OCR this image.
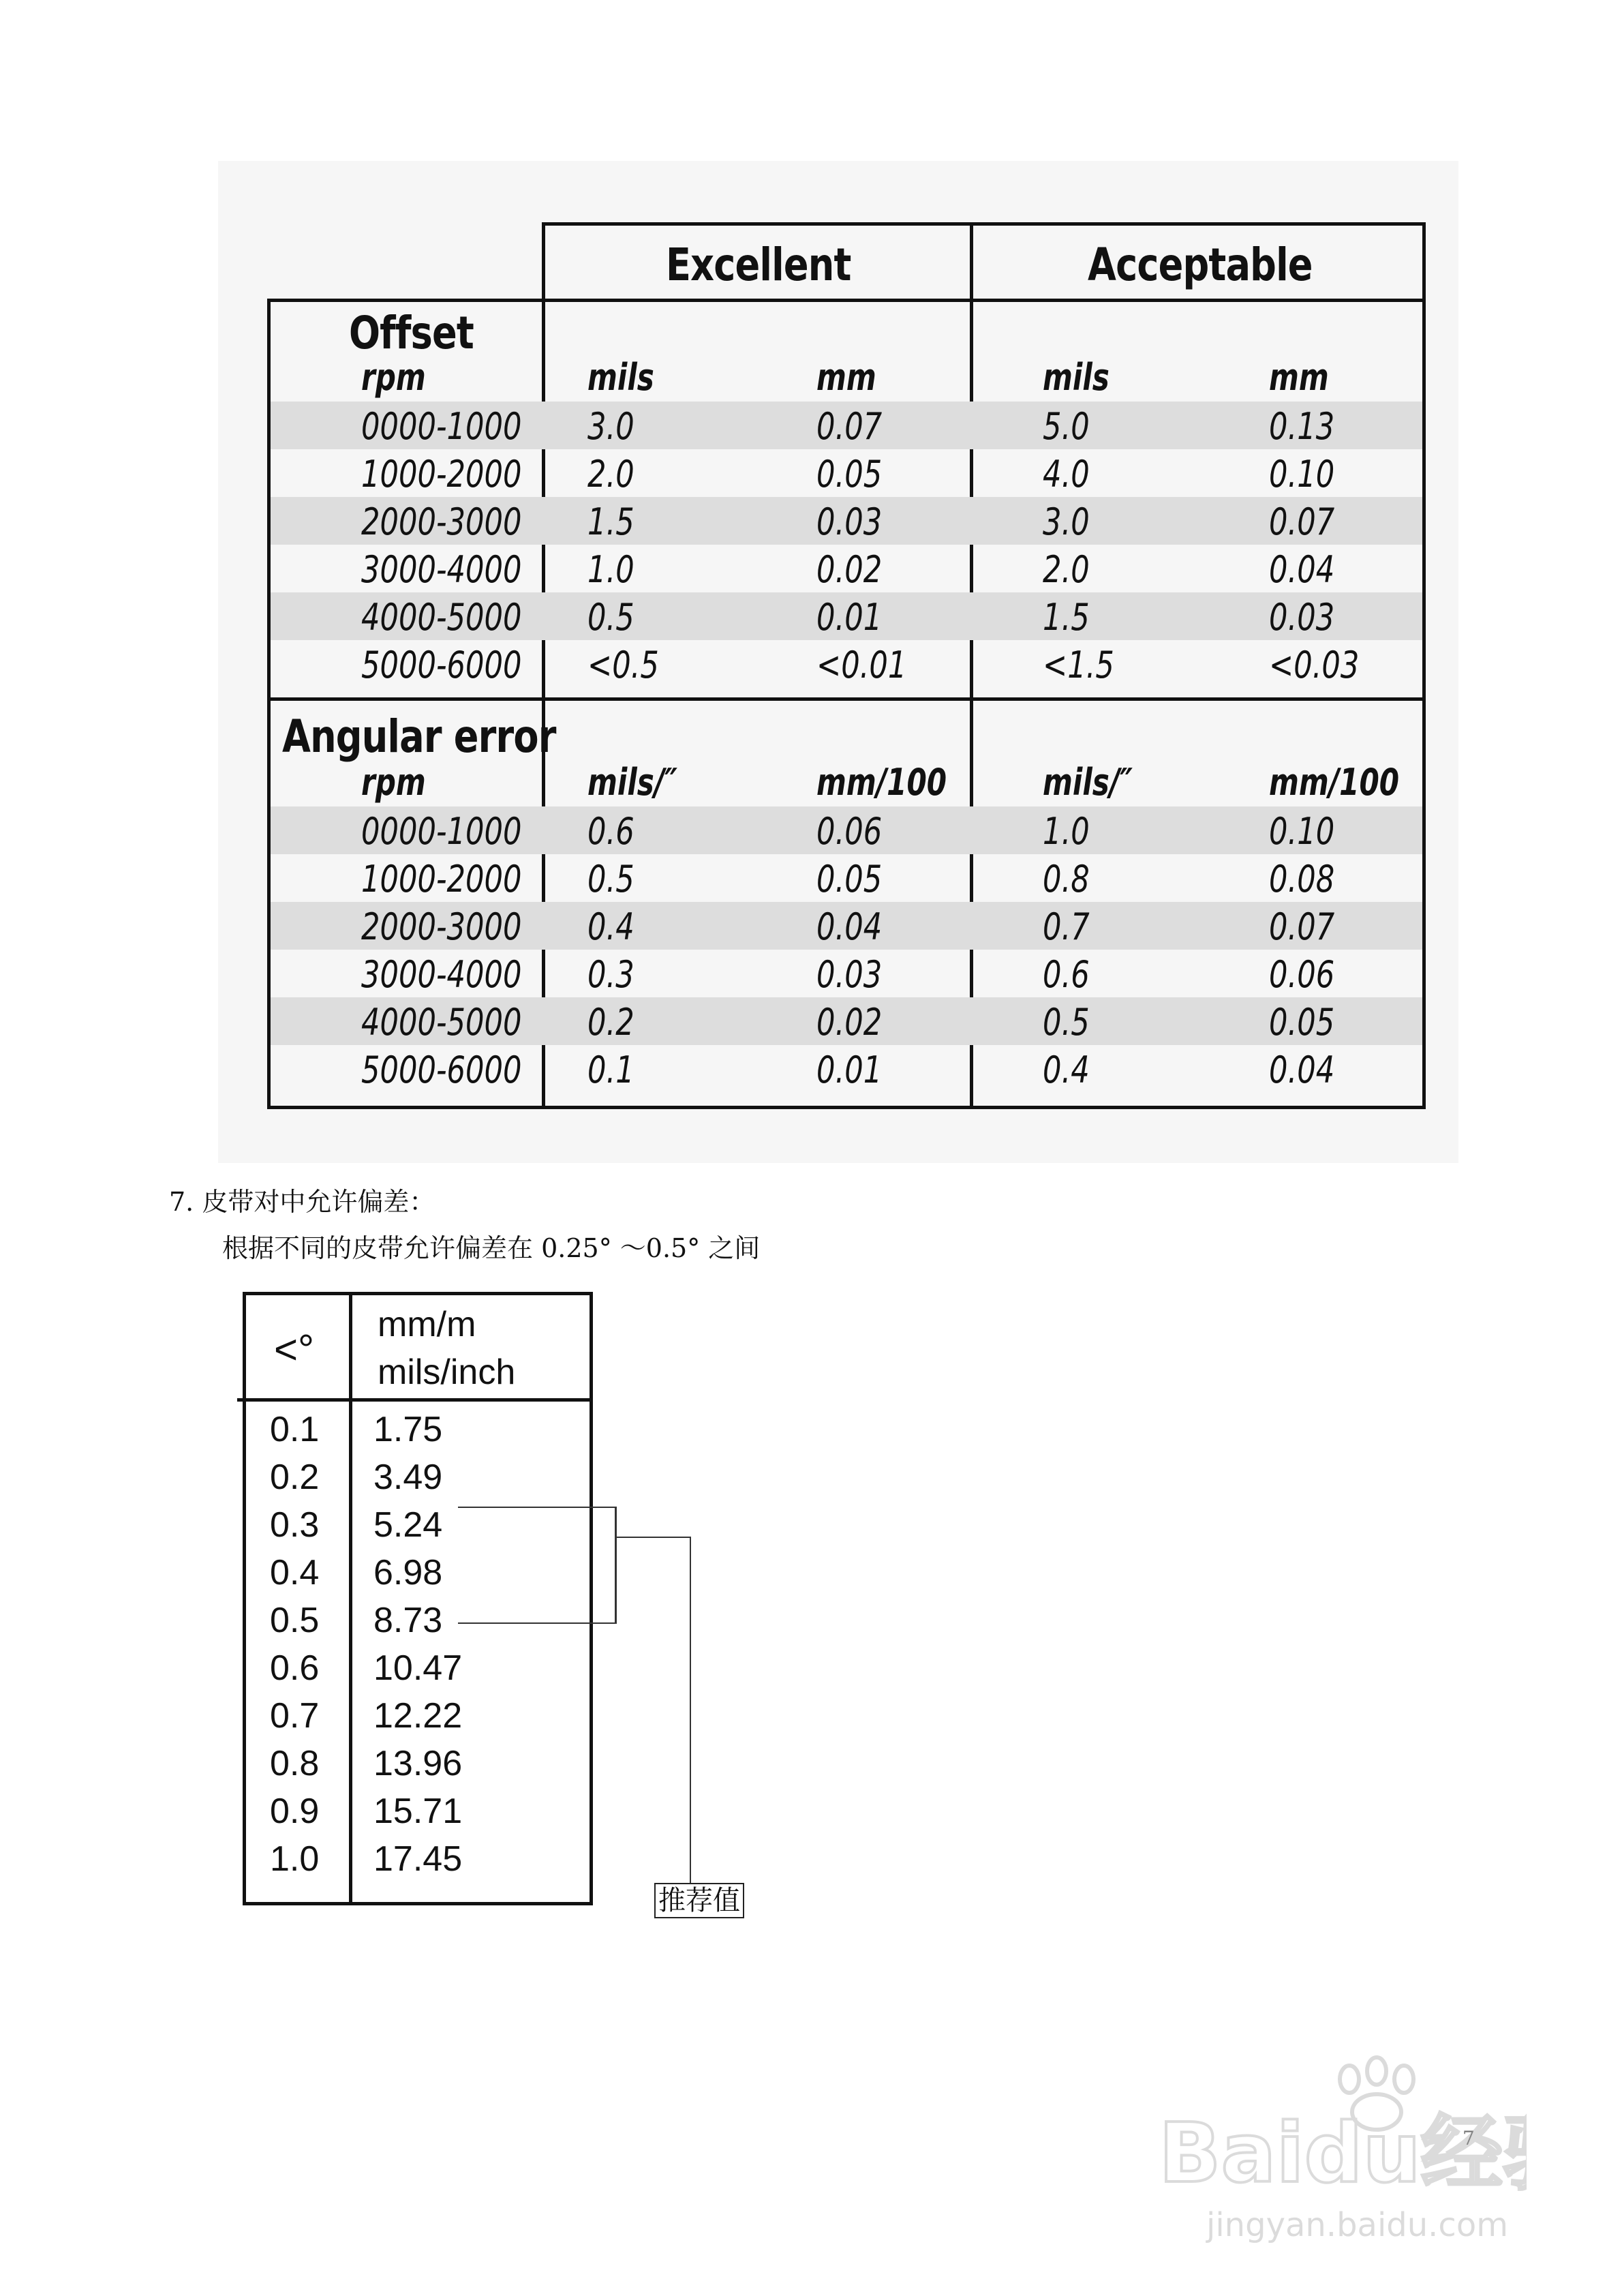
Excellent	Acceptable
Offset
rpm	mils	mm	mils	mm
0000-1000 3.0	0.07	5.0	0.13
1000-2000 2.0	0.05	4.0	0.10
2000-3000 1.5	0.03	3.0	0.07
3000-4000 1.0	0.02	2.0	0.04
4000-5000 0.5	0.01	1.5	0.03
5000-6000 <0.5	<0.01	<1.5	<0.03
Angular error
rpm	mils/″	mm/100	mils/″	mm/100
0000-1000 0.6	0.06	1.0	0.10
1000-2000 0.5	0.05	0.8	0.08
2000-3000 0.4	0.04	0.7	0.07
3000-4000 0.3	0.03	0.6	0.06
4000-5000 0.2	0.02	0.5	0.05
5000-6000 0.1	0.01	0.4	0.04
7. 皮带对中允许偏差：
根据不同的皮带允许偏差在 0.25° ～0.5° 之间
<°
mm/m
mils/inch
0.1 1.75
0.2 3.49
0.3 5.24
0.4 6.98
0.5 8.73
0.6 10.47
0.7 12.22
0.8 13.96
0.9 15.71
1.0 17.45
推荐值
7
Baidu经
jingyan.baidu.com
